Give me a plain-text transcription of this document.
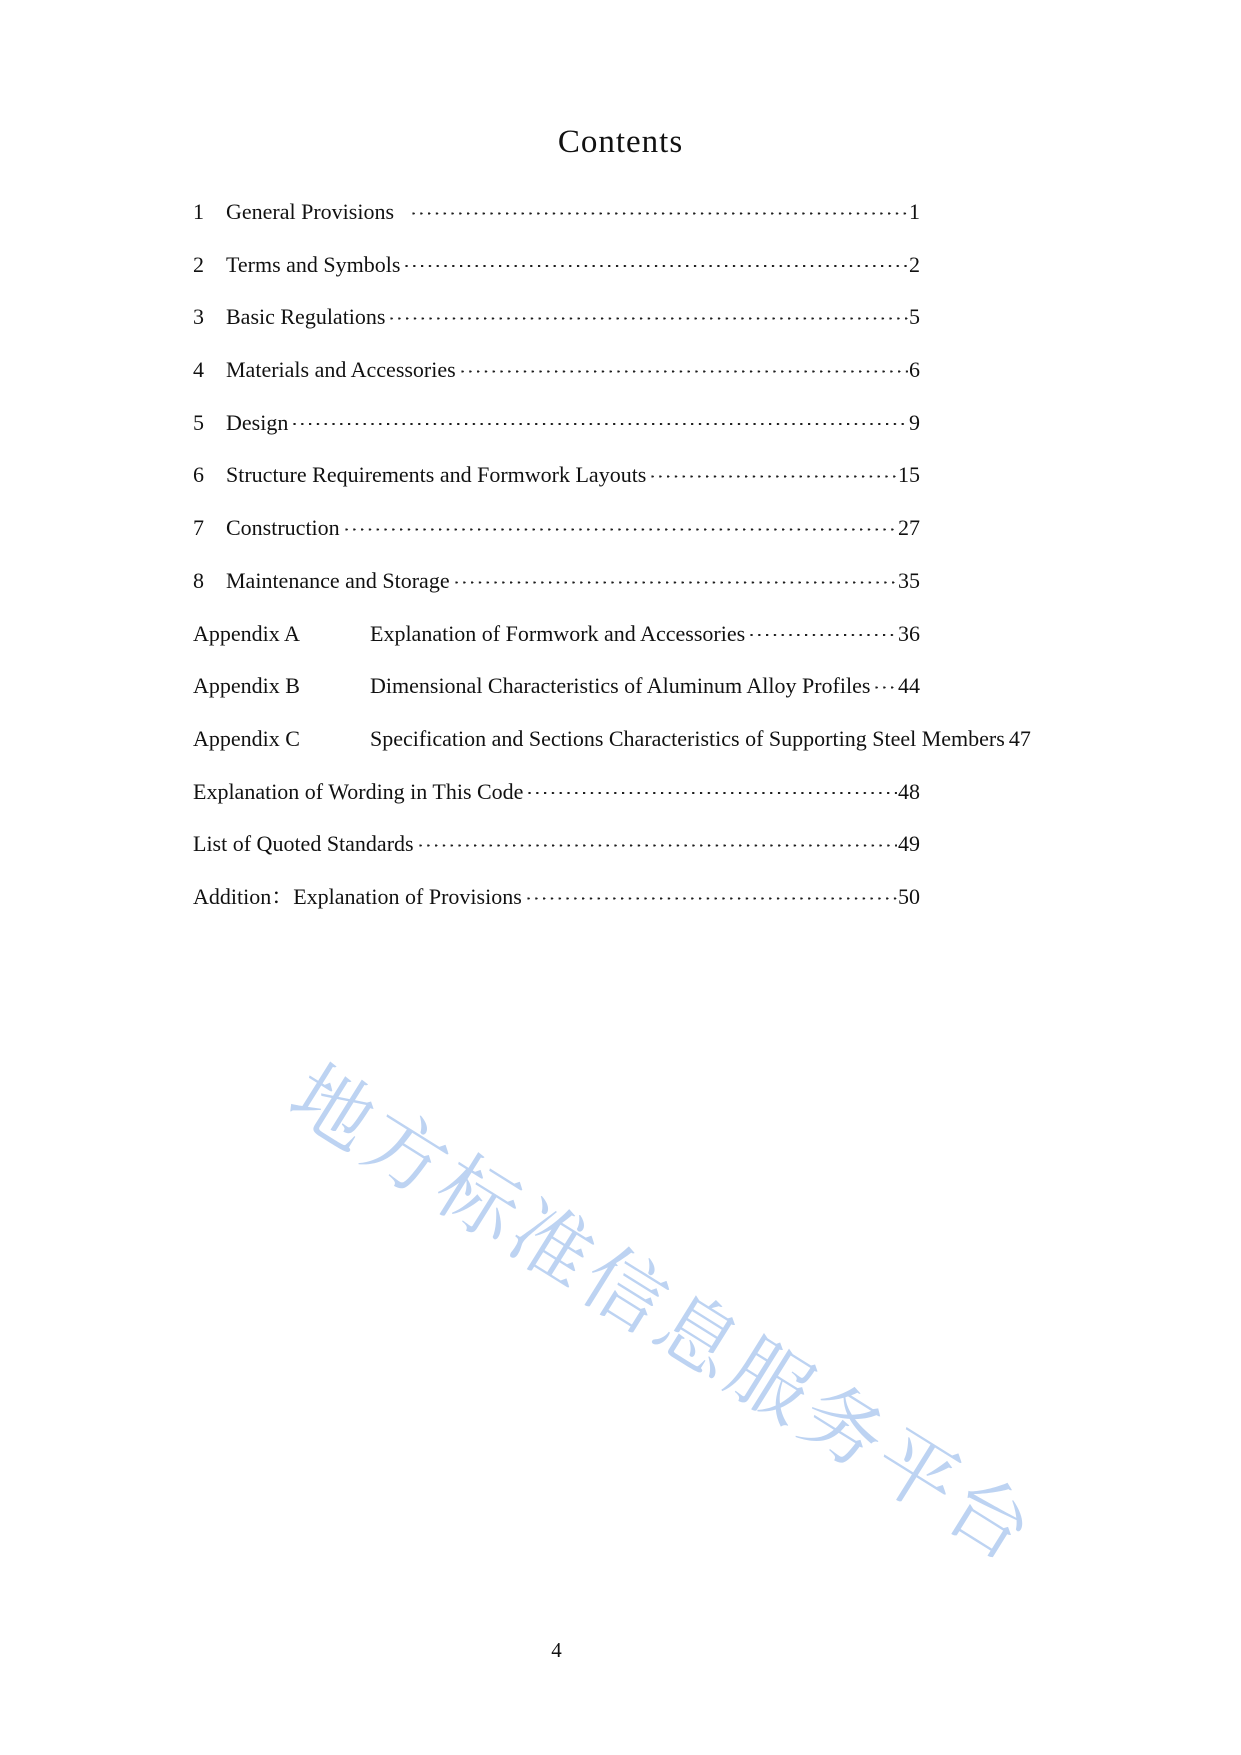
Contents
1	General Provisions	1
2	Terms and Symbols	2
3	Basic Regulations	5
4	Materials and Accessories	6
5	Design	9
6	Structure Requirements and Formwork Layouts	15
7	Construction	27
8	Maintenance and Storage	35
Appendix A	Explanation of Formwork and Accessories	36
Appendix B	Dimensional Characteristics of Aluminum Alloy Profiles 44
Appendix C	Specification and Sections Characteristics of Supporting Steel Members 47
Explanation of Wording in This Code	48
List of Quoted Standards	49
Addition：Explanation of Provisions	50
地方标准信息服务平台
4
